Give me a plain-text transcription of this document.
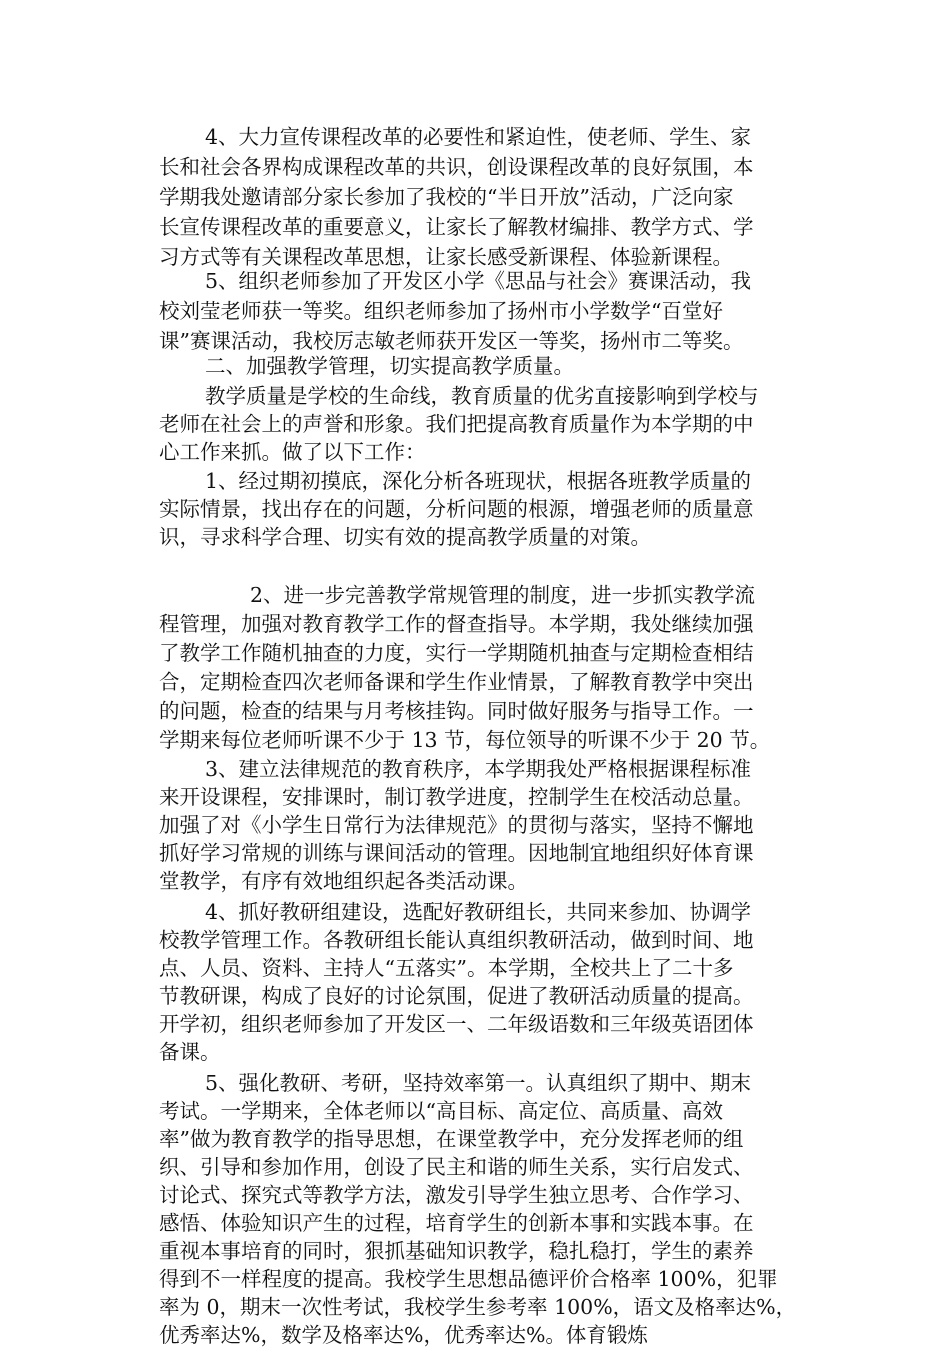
4、大力宣传课程改革的必要性和紧迫性，使老师、学生、家
长和社会各界构成课程改革的共识，创设课程改革的良好氛围，本
学期我处邀请部分家长参加了我校的“半日开放”活动，广泛向家
长宣传课程改革的重要意义，让家长了解教材编排、教学方式、学
习方式等有关课程改革思想，让家长感受新课程、体验新课程。
5、组织老师参加了开发区小学《思品与社会》赛课活动，我
校刘莹老师获一等奖。组织老师参加了扬州市小学数学“百堂好
课”赛课活动，我校厉志敏老师获开发区一等奖，扬州市二等奖。
二、加强教学管理，切实提高教学质量。
教学质量是学校的生命线，教育质量的优劣直接影响到学校与
老师在社会上的声誉和形象。我们把提高教育质量作为本学期的中
心工作来抓。做了以下工作：
1、经过期初摸底，深化分析各班现状，根据各班教学质量的
实际情景，找出存在的问题，分析问题的根源，增强老师的质量意
识，寻求科学合理、切实有效的提高教学质量的对策。
2、进一步完善教学常规管理的制度，进一步抓实教学流
程管理，加强对教育教学工作的督查指导。本学期，我处继续加强
了教学工作随机抽查的力度，实行一学期随机抽查与定期检查相结
合，定期检查四次老师备课和学生作业情景，了解教育教学中突出
的问题，检查的结果与月考核挂钩。同时做好服务与指导工作。一
学期来每位老师听课不少于 13 节，每位领导的听课不少于 20 节。
3、建立法律规范的教育秩序，本学期我处严格根据课程标准
来开设课程，安排课时，制订教学进度，控制学生在校活动总量。
加强了对《小学生日常行为法律规范》的贯彻与落实，坚持不懈地
抓好学习常规的训练与课间活动的管理。因地制宜地组织好体育课
堂教学，有序有效地组织起各类活动课。
4、抓好教研组建设，选配好教研组长，共同来参加、协调学
校教学管理工作。各教研组长能认真组织教研活动，做到时间、地
点、人员、资料、主持人“五落实”。本学期，全校共上了二十多
节教研课，构成了良好的讨论氛围，促进了教研活动质量的提高。
开学初，组织老师参加了开发区一、二年级语数和三年级英语团体
备课。
5、强化教研、考研，坚持效率第一。认真组织了期中、期末
考试。一学期来，全体老师以“高目标、高定位、高质量、高效
率”做为教育教学的指导思想，在课堂教学中，充分发挥老师的组
织、引导和参加作用，创设了民主和谐的师生关系，实行启发式、
讨论式、探究式等教学方法，激发引导学生独立思考、合作学习、
感悟、体验知识产生的过程，培育学生的创新本事和实践本事。在
重视本事培育的同时，狠抓基础知识教学，稳扎稳打，学生的素养
得到不一样程度的提高。我校学生思想品德评价合格率 100%，犯罪
率为 0，期末一次性考试，我校学生参考率 100%，语文及格率达%，
优秀率达%，数学及格率达%，优秀率达%。体育锻炼
